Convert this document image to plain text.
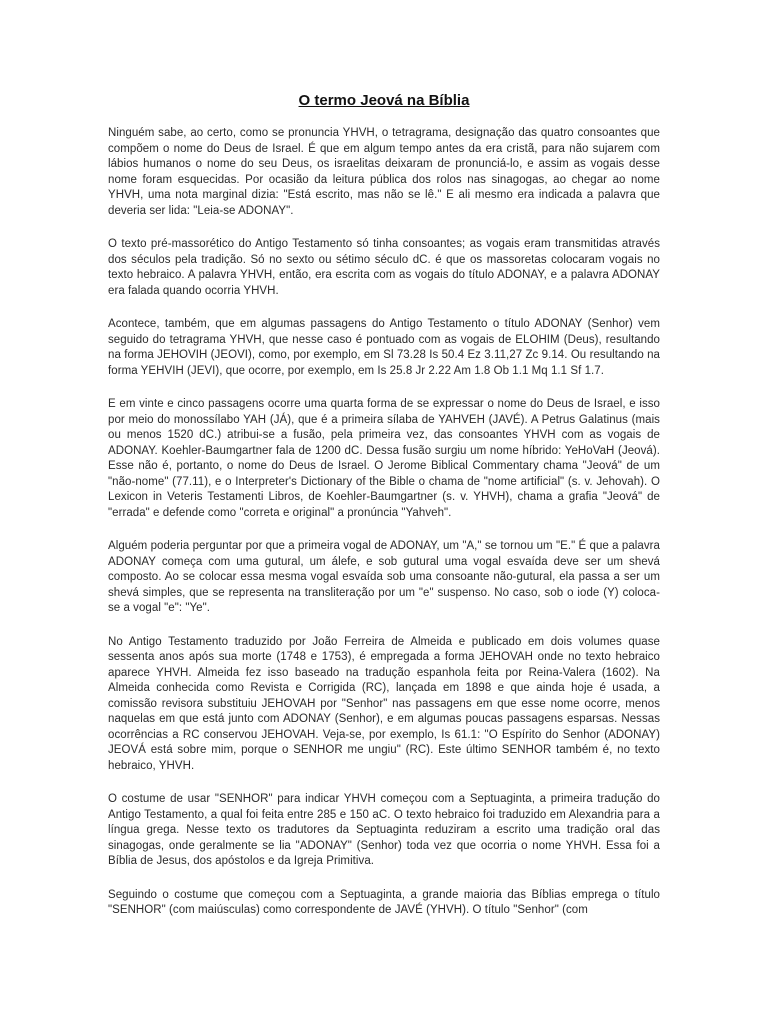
O termo Jeová na Bíblia

Ninguém sabe, ao certo, como se pronuncia YHVH, o tetragrama, designação das quatro consoantes que compõem o nome do Deus de Israel. É que em algum tempo antes da era cristã, para não sujarem com lábios humanos o nome do seu Deus, os israelitas deixaram de pronunciá-lo, e assim as vogais desse nome foram esquecidas. Por ocasião da leitura pública dos rolos nas sinagogas, ao chegar ao nome YHVH, uma nota marginal dizia: "Está escrito, mas não se lê." E ali mesmo era indicada a palavra que deveria ser lida: "Leia-se ADONAY".

O texto pré-massorético do Antigo Testamento só tinha consoantes; as vogais eram transmitidas através dos séculos pela tradição. Só no sexto ou sétimo século dC. é que os massoretas colocaram vogais no texto hebraico. A palavra YHVH, então, era escrita com as vogais do título ADONAY, e a palavra ADONAY era falada quando ocorria YHVH.

Acontece, também, que em algumas passagens do Antigo Testamento o título ADONAY (Senhor) vem seguido do tetragrama YHVH, que nesse caso é pontuado com as vogais de ELOHIM (Deus), resultando na forma JEHOVIH (JEOVI), como, por exemplo, em Sl 73.28 Is 50.4 Ez 3.11,27 Zc 9.14. Ou resultando na forma YEHVIH (JEVI), que ocorre, por exemplo, em Is 25.8 Jr 2.22 Am 1.8 Ob 1.1 Mq 1.1 Sf 1.7.

E em vinte e cinco passagens ocorre uma quarta forma de se expressar o nome do Deus de Israel, e isso por meio do monossílabo YAH (JÁ), que é a primeira sílaba de YAHVEH (JAVÉ). A Petrus Galatinus (mais ou menos 1520 dC.) atribui-se a fusão, pela primeira vez, das consoantes YHVH com as vogais de ADONAY. Koehler-Baumgartner fala de 1200 dC. Dessa fusão surgiu um nome híbrido: YeHoVaH (Jeová). Esse não é, portanto, o nome do Deus de Israel. O Jerome Biblical Commentary chama "Jeová" de um "não-nome" (77.11), e o Interpreter's Dictionary of the Bible o chama de "nome artificial" (s. v. Jehovah). O Lexicon in Veteris Testamenti Libros, de Koehler-Baumgartner (s. v. YHVH), chama a grafia "Jeová" de "errada" e defende como "correta e original" a pronúncia "Yahveh".

Alguém poderia perguntar por que a primeira vogal de ADONAY, um "A," se tornou um "E." É que a palavra ADONAY começa com uma gutural, um álefe, e sob gutural uma vogal esvaída deve ser um shevá composto. Ao se colocar essa mesma vogal esvaída sob uma consoante não-gutural, ela passa a ser um shevá simples, que se representa na transliteração por um "e" suspenso. No caso, sob o iode (Y) coloca-se a vogal "e": "Ye".

No Antigo Testamento traduzido por João Ferreira de Almeida e publicado em dois volumes quase sessenta anos após sua morte (1748 e 1753), é empregada a forma JEHOVAH onde no texto hebraico aparece YHVH. Almeida fez isso baseado na tradução espanhola feita por Reina-Valera (1602). Na Almeida conhecida como Revista e Corrigida (RC), lançada em 1898 e que ainda hoje é usada, a comissão revisora substituiu JEHOVAH por "Senhor" nas passagens em que esse nome ocorre, menos naquelas em que está junto com ADONAY (Senhor), e em algumas poucas passagens esparsas. Nessas ocorrências a RC conservou JEHOVAH. Veja-se, por exemplo, Is 61.1: "O Espírito do Senhor (ADONAY) JEOVÁ está sobre mim, porque o SENHOR me ungiu" (RC). Este último SENHOR também é, no texto hebraico, YHVH.

O costume de usar "SENHOR" para indicar YHVH começou com a Septuaginta, a primeira tradução do Antigo Testamento, a qual foi feita entre 285 e 150 aC. O texto hebraico foi traduzido em Alexandria para a língua grega. Nesse texto os tradutores da Septuaginta reduziram a escrito uma tradição oral das sinagogas, onde geralmente se lia "ADONAY" (Senhor) toda vez que ocorria o nome YHVH. Essa foi a Bíblia de Jesus, dos apóstolos e da Igreja Primitiva.

Seguindo o costume que começou com a Septuaginta, a grande maioria das Bíblias emprega o título "SENHOR" (com maiúsculas) como correspondente de JAVÉ (YHVH). O título "Senhor" (com
